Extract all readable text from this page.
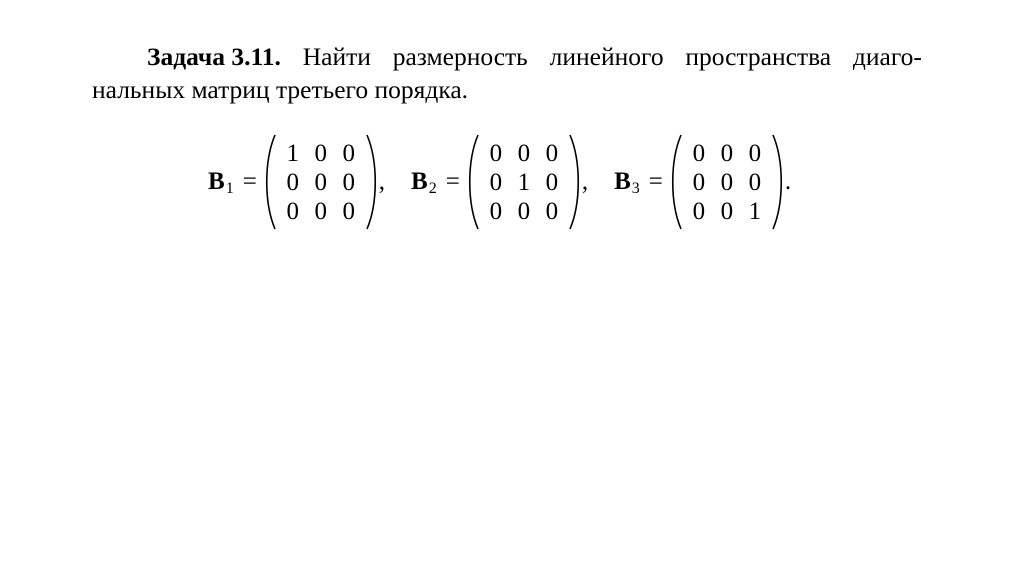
Задача 3.11. Найти размерность линейного пространства диаго-
нальных матриц третьего порядка.
B 1 =
1 0 0
0 0 0
0 0 0
, B 2 =
0 0 0
0 1 0
0 0 0
, B 3 =
0 0 0
0 0 0
0 0 1
.
